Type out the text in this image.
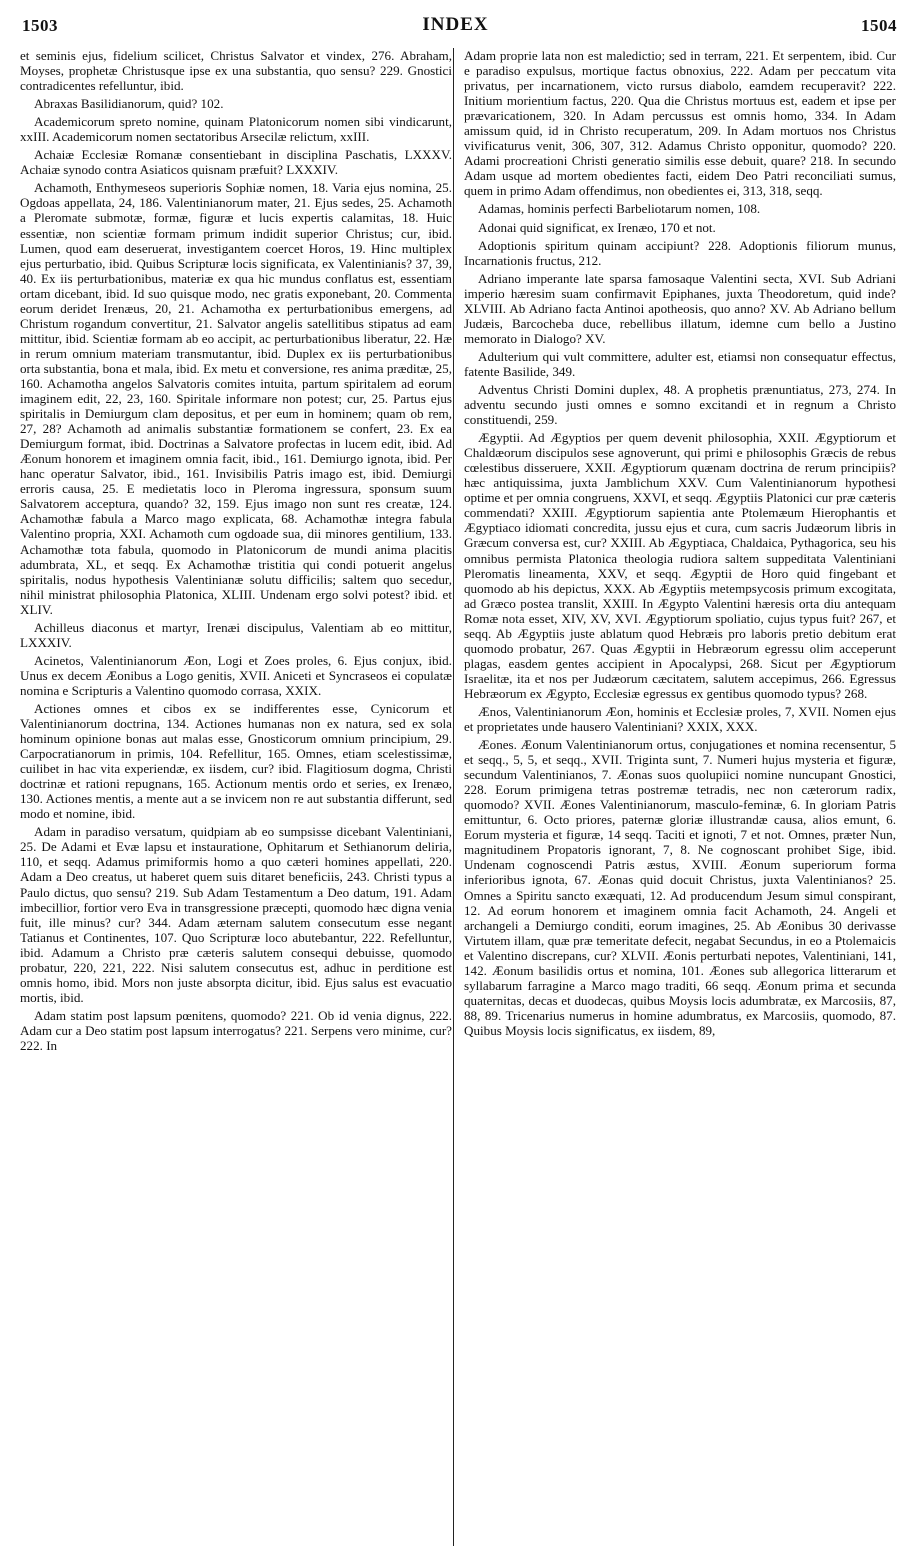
1503	INDEX	1504

et seminis ejus, fidelium scilicet, Christus Salvator et vindex, 276. Abraham, Moyses, prophetæ Christusque ipse ex una substantia, quo sensu? 229. Gnostici contradicentes refelluntur, ibid.

Abraxas Basilidianorum, quid? 102.

Academicorum spreto nomine, quinam Platonicorum nomen sibi vindicarunt, xxIII. Academicorum nomen sectatoribus Arsecilæ relictum, xxIII.

Achaiæ Ecclesiæ Romanæ consentiebant in disciplina Paschatis, LXXXV. Achaiæ synodo contra Asiaticos quisnam præfuit? LXXXIV.

Achamoth, Enthymeseos superioris Sophiæ nomen, 18. Varia ejus nomina, 25. Ogdoas appellata, 24, 186. Valentinianorum mater, 21. Ejus sedes, 25. Achamoth a Pleromate submotæ, formæ, figuræ et lucis expertis calamitas, 18. Huic essentiæ, non scientiæ formam primum indidit superior Christus; cur, ibid. Lumen, quod eam deseruerat, investigantem coercet Horos, 19. Hinc multiplex ejus perturbatio, ibid. Quibus Scripturæ locis significata, ex Valentinianis? 37, 39, 40. Ex iis perturbationibus, materiæ ex qua hic mundus conflatus est, essentiam ortam dicebant, ibid. Id suo quisque modo, nec gratis exponebant, 20. Commenta eorum deridet Irenæus, 20, 21. Achamotha ex perturbationibus emergens, ad Christum rogandum convertitur, 21. Salvator angelis satellitibus stipatus ad eam mittitur, ibid. Scientiæ formam ab eo accipit, ac perturbationibus liberatur, 22. Hæ in rerum omnium materiam transmutantur, ibid. Duplex ex iis perturbationibus orta substantia, bona et mala, ibid. Ex metu et conversione, res anima præditæ, 25, 160. Achamotha angelos Salvatoris comites intuita, partum spiritalem ad eorum imaginem edit, 22, 23, 160. Spiritale informare non potest; cur, 25. Partus ejus spiritalis in Demiurgum clam depositus, et per eum in hominem; quam ob rem, 27, 28? Achamoth ad animalis substantiæ formationem se confert, 23. Ex ea Demiurgum format, ibid. Doctrinas a Salvatore profectas in lucem edit, ibid. Ad Æonum honorem et imaginem omnia facit, ibid., 161. Demiurgo ignota, ibid. Per hanc operatur Salvator, ibid., 161. Invisibilis Patris imago est, ibid. Demiurgi erroris causa, 25. E medietatis loco in Pleroma ingressura, sponsum suum Salvatorem acceptura, quando? 32, 159. Ejus imago non sunt res creatæ, 124. Achamothæ fabula a Marco mago explicata, 68. Achamothæ integra fabula Valentino propria, XXI. Achamoth cum ogdoade sua, dii minores gentilium, 133. Achamothæ tota fabula, quomodo in Platonicorum de mundi anima placitis adumbrata, XL, et seqq. Ex Achamothæ tristitia qui condi potuerit angelus spiritalis, nodus hypothesis Valentinianæ solutu difficilis; saltem quo secedur, nihil ministrat philosophia Platonica, XLIII. Undenam ergo solvi potest? ibid. et XLIV.

Achilleus diaconus et martyr, Irenæi discipulus, Valentiam ab eo mittitur, LXXXIV.

Acinetos, Valentinianorum Æon, Logi et Zoes proles, 6. Ejus conjux, ibid. Unus ex decem Æonibus a Logo genitis, XVII. Aniceti et Syncraseos ei copulatæ nomina e Scripturis a Valentino quomodo corrasa, XXIX.

Actiones omnes et cibos ex se indifferentes esse, Cynicorum et Valentinianorum doctrina, 134. Actiones humanas non ex natura, sed ex sola hominum opinione bonas aut malas esse, Gnosticorum omnium principium, 29. Carpocratianorum in primis, 104. Refellitur, 165. Omnes, etiam scelestissimæ, cuilibet in hac vita experiendæ, ex iisdem, cur? ibid. Flagitiosum dogma, Christi doctrinæ et rationi repugnans, 165. Actionum mentis ordo et series, ex Irenæo, 130. Actiones mentis, a mente aut a se invicem non re aut substantia differunt, sed modo et nomine, ibid.

Adam in paradiso versatum, quidpiam ab eo sumpsisse dicebant Valentiniani, 25. De Adami et Evæ lapsu et instauratione, Ophitarum et Sethianorum deliria, 110, et seqq. Adamus primiformis homo a quo cæteri homines appellati, 220. Adam a Deo creatus, ut haberet quem suis ditaret beneficiis, 243. Christi typus a Paulo dictus, quo sensu? 219. Sub Adam Testamentum a Deo datum, 191. Adam imbecillior, fortior vero Eva in transgressione præcepti, quomodo hæc digna venia fuit, ille minus? cur? 344. Adam æternam salutem consecutum esse negant Tatianus et Continentes, 107. Quo Scripturæ loco abutebantur, 222. Refelluntur, ibid. Adamum a Christo præ cæteris salutem consequi debuisse, quomodo probatur, 220, 221, 222. Nisi salutem consecutus est, adhuc in perditione est omnis homo, ibid. Mors non juste absorpta dicitur, ibid. Ejus salus est evacuatio mortis, ibid.

Adam statim post lapsum pœnitens, quomodo? 221. Ob id venia dignus, 222. Adam cur a Deo statim post lapsum interrogatus? 221. Serpens vero minime, cur? 222. In

Adam proprie lata non est maledictio; sed in terram, 221. Et serpentem, ibid. Cur e paradiso expulsus, mortique factus obnoxius, 222. Adam per peccatum vita privatus, per incarnationem, victo rursus diabolo, eamdem recuperavit? 222. Initium morientium factus, 220. Qua die Christus mortuus est, eadem et ipse per prævaricationem, 320. In Adam percussus est omnis homo, 334. In Adam amissum quid, id in Christo recuperatum, 209. In Adam mortuos nos Christus vivificaturus venit, 306, 307, 312. Adamus Christo opponitur, quomodo? 220. Adami procreationi Christi generatio similis esse debuit, quare? 218. In secundo Adam usque ad mortem obedientes facti, eidem Deo Patri reconciliati sumus, quem in primo Adam offendimus, non obedientes ei, 313, 318, seqq.

Adamas, hominis perfecti Barbeliotarum nomen, 108.

Adonai quid significat, ex Irenæo, 170 et not.

Adoptionis spiritum quinam accipiunt? 228. Adoptionis filiorum munus, Incarnationis fructus, 212.

Adriano imperante late sparsa famosaque Valentini secta, XVI. Sub Adriani imperio hæresim suam confirmavit Epiphanes, juxta Theodoretum, quid inde? XLVIII. Ab Adriano facta Antinoi apotheosis, quo anno? XV. Ab Adriano bellum Judæis, Barcocheba duce, rebellibus illatum, idemne cum bello a Justino memorato in Dialogo? XV.

Adulterium qui vult committere, adulter est, etiamsi non consequatur effectus, fatente Basilide, 349.

Adventus Christi Domini duplex, 48. A prophetis prænuntiatus, 273, 274. In adventu secundo justi omnes e somno excitandi et in regnum a Christo constituendi, 259.

Ægyptii. Ad Ægyptios per quem devenit philosophia, XXII. Ægyptiorum et Chaldæorum discipulos sese agnoverunt, qui primi e philosophis Græcis de rebus cœlestibus disseruere, XXII. Ægyptiorum quænam doctrina de rerum principiis? hæc antiquissima, juxta Jamblichum XXV. Cum Valentinianorum hypothesi optime et per omnia congruens, XXVI, et seqq. Ægyptiis Platonici cur præ cæteris commendati? XXIII. Ægyptiorum sapientia ante Ptolemæum Hierophantis et Ægyptiaco idiomati concredita, jussu ejus et cura, cum sacris Judæorum libris in Græcum conversa est, cur? XXIII. Ab Ægyptiaca, Chaldaica, Pythagorica, seu his omnibus permista Platonica theologia rudiora saltem suppeditata Valentiniani Pleromatis lineamenta, XXV, et seqq. Ægyptii de Horo quid fingebant et quomodo ab his depictus, XXX. Ab Ægyptiis metempsycosis primum excogitata, ad Græco postea translit, XXIII. In Ægypto Valentini hæresis orta diu antequam Romæ nota esset, XIV, XV, XVI. Ægyptiorum spoliatio, cujus typus fuit? 267, et seqq. Ab Ægyptiis juste ablatum quod Hebræis pro laboris pretio debitum erat quomodo probatur, 267. Quas Ægyptii in Hebræorum egressu olim acceperunt plagas, easdem gentes accipient in Apocalypsi, 268. Sicut per Ægyptiorum Israelitæ, ita et nos per Judæorum cæcitatem, salutem accepimus, 266. Egressus Hebræorum ex Ægypto, Ecclesiæ egressus ex gentibus quomodo typus? 268.

Ænos, Valentinianorum Æon, hominis et Ecclesiæ proles, 7, XVII. Nomen ejus et proprietates unde hausero Valentiniani? XXIX, XXX.

Æones. Æonum Valentinianorum ortus, conjugationes et nomina recensentur, 5 et seqq., 5, 5, et seqq., XVII. Triginta sunt, 7. Numeri hujus mysteria et figuræ, secundum Valentinianos, 7. Æonas suos quolupiici nomine nuncupant Gnostici, 228. Eorum primigena tetras postremæ tetradis, nec non cæterorum radix, quomodo? XVII. Æones Valentinianorum, masculo-feminæ, 6. In gloriam Patris emittuntur, 6. Octo priores, paternæ gloriæ illustrandæ causa, alios emunt, 6. Eorum mysteria et figuræ, 14 seqq. Taciti et ignoti, 7 et not. Omnes, præter Nun, magnitudinem Propatoris ignorant, 7, 8. Ne cognoscant prohibet Sige, ibid. Undenam cognoscendi Patris æstus, XVIII. Æonum superiorum forma inferioribus ignota, 67. Æonas quid docuit Christus, juxta Valentinianos? 25. Omnes a Spiritu sancto exæquati, 12. Ad producendum Jesum simul conspirant, 12. Ad eorum honorem et imaginem omnia facit Achamoth, 24. Angeli et archangeli a Demiurgo conditi, eorum imagines, 25. Ab Æonibus 30 derivasse Virtutem illam, quæ præ temeritate defecit, negabat Secundus, in eo a Ptolemaicis et Valentino discrepans, cur? XLVII. Æonis perturbati nepotes, Valentiniani, 141, 142. Æonum basilidis ortus et nomina, 101. Æones sub allegorica litterarum et syllabarum farragine a Marco mago traditi, 66 seqq. Æonum prima et secunda quaternitas, decas et duodecas, quibus Moysis locis adumbratæ, ex Marcosiis, 87, 88, 89. Tricenarius numerus in homine adumbratus, ex Marcosiis, quomodo, 87. Quibus Moysis locis significatus, ex iisdem, 89,
